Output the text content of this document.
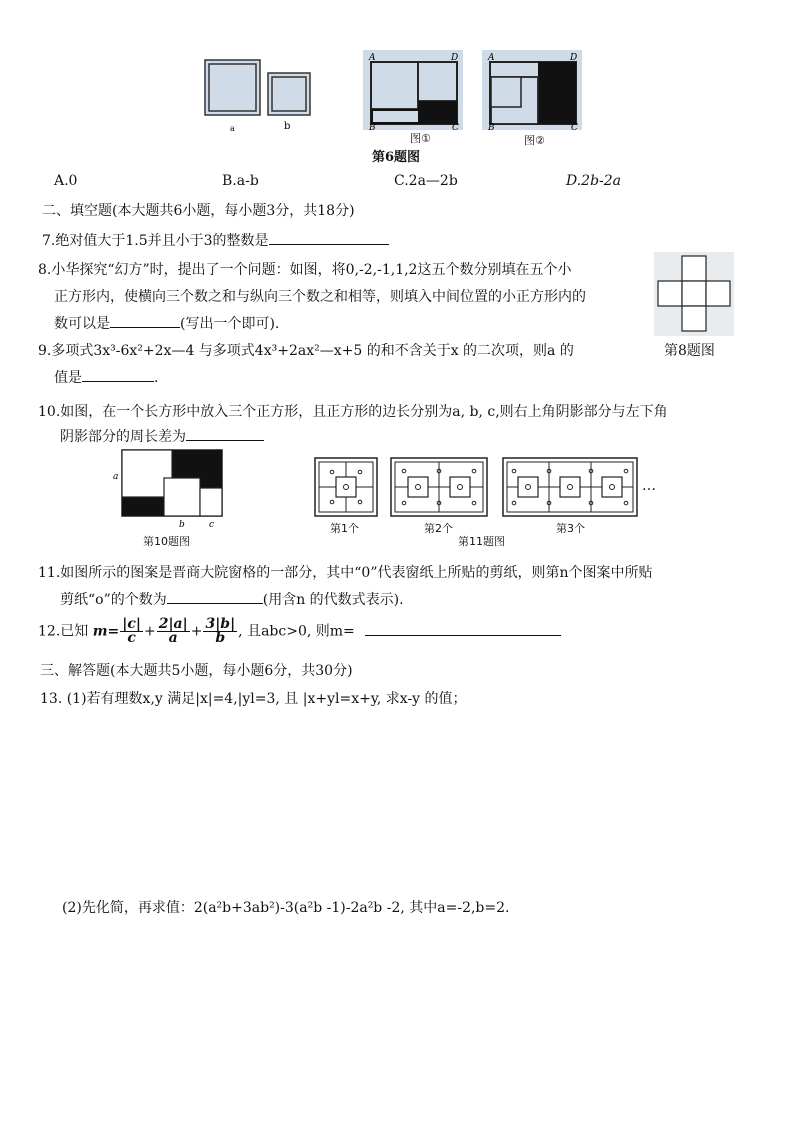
a	b
A	D
B	C
图①
A	D
B	C
图②
第6题图
A.0	B.a-b	C.2a—2b	D.2b-2a
二、填空题(本大题共6小题，每小题3分，共18分)
7.绝对值大于1.5并且小于3的整数是
8.小华探究“幻方”时，提出了一个问题：如图，将0,-2,-1,1,2这五个数分别填在五个小
正方形内，使横向三个数之和与纵向三个数之和相等，则填入中间位置的小正方形内的
数可以是	(写出一个即可).
第8题图
9.多项式3x³-6x²+2x—4 与多项式4x³+2ax²—x+5 的和不含关于x 的二次项，则a 的
值是	.
10.如图，在一个长方形中放入三个正方形，且正方形的边长分别为a, b, c,则右上角阴影部分与左下角
阴影部分的周长差为
a
b	c
第10题图
第1个	第2个
…
第3个
第11题图
11.如图所示的图案是晋商大院窗格的一部分，其中“0”代表窗纸上所贴的剪纸，则第n个图案中所贴
剪纸“o”的个数为	(用含n 的代数式表示).
12.已知 $m= \frac{|c|}{c} + \frac{2|a|}{a} + \frac{3|b|}{b}$ , 且abc>0, 则m=
三、解答题(本大题共5小题，每小题6分，共30分)
13. (1)若有理数x,y 满足|x|=4,|yl=3, 且 |x+yl=x+y, 求x-y 的值；
(2)先化简，再求值：2(a²b+3ab²)-3(a²b -1)-2a²b -2, 其中a=-2,b=2.
